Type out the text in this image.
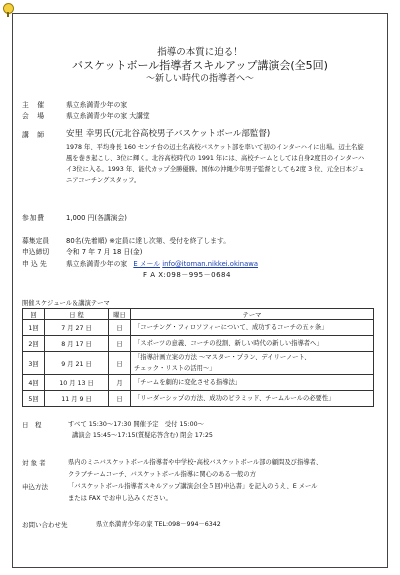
指導の本質に迫る！
バスケットボール指導者スキルアップ講演会(全5回)
～新しい時代の指導者へ～
主　催	県立糸満青少年の家
会　場	県立糸満青少年の家 大講堂
講　師 安里 幸男氏(元北谷高校男子バスケットボール部監督)
1978 年、平均身長 160 センチ台の辺土名高校バスケット部を率いて初のインターハイに出場。辺土名旋風を巻き起こし、3位に輝く。北谷高校時代の 1991 年には、高校チームとしては自身2度目のインターハイ3位に入る。1993 年、能代カップ全勝優勝。国体の沖縄少年男子監督としても2度 3 位、元全日本ジュニアコーチングスタッフ。
参加費	1,000 円(各講演会)
募集定員 80名(先着順) ※定員に達し次第、受付を終了します。
申込締切 令和 7 年 7 月 18 日(金)
申 込 先	県立糸満青少年の家 E メール info@itoman.nikkei.okinawa
F A X:098－995－0684
開催スケジュール＆講演テーマ
回	日 程	曜日	テーマ
1回	7 月 27 日	日	「コーチング・フィロソフィーについて、成功するコーチの五ヶ条」
2回	8 月 17 日	日	「スポーツの意義、コーチの役割、新しい時代の新しい指導者へ」
3回	9 月 21 日	日	「指導計画立案の方法 ～マスター・プラン、デイリーノート、
チェック・リストの活用～」

4回	10 月 13 日	月	「チームを劇的に変化させる指導法」
5回	11 月 9 日	日	「リーダーシップの方法、成功のピラミッド、チームルールの必要性」
日　程	すべて 15:30～17:30 開催予定　受付 15:00～
講演会 15:45～17:15(質疑応答含む) 閉会 17:25
対 象 者	県内のミニバスケットボール指導者や中学校･高校バスケットボール部の顧問及び指導者、
クラブチームコーチ、バスケットボール指導に関心のある一般の方
申込方法	「バスケットボール指導者スキルアップ講演会(全５回)申込書」を記入のうえ、E メール
または FAX でお申し込みください。
お問い合わせ先	県立糸満青少年の家 TEL:098－994－6342
